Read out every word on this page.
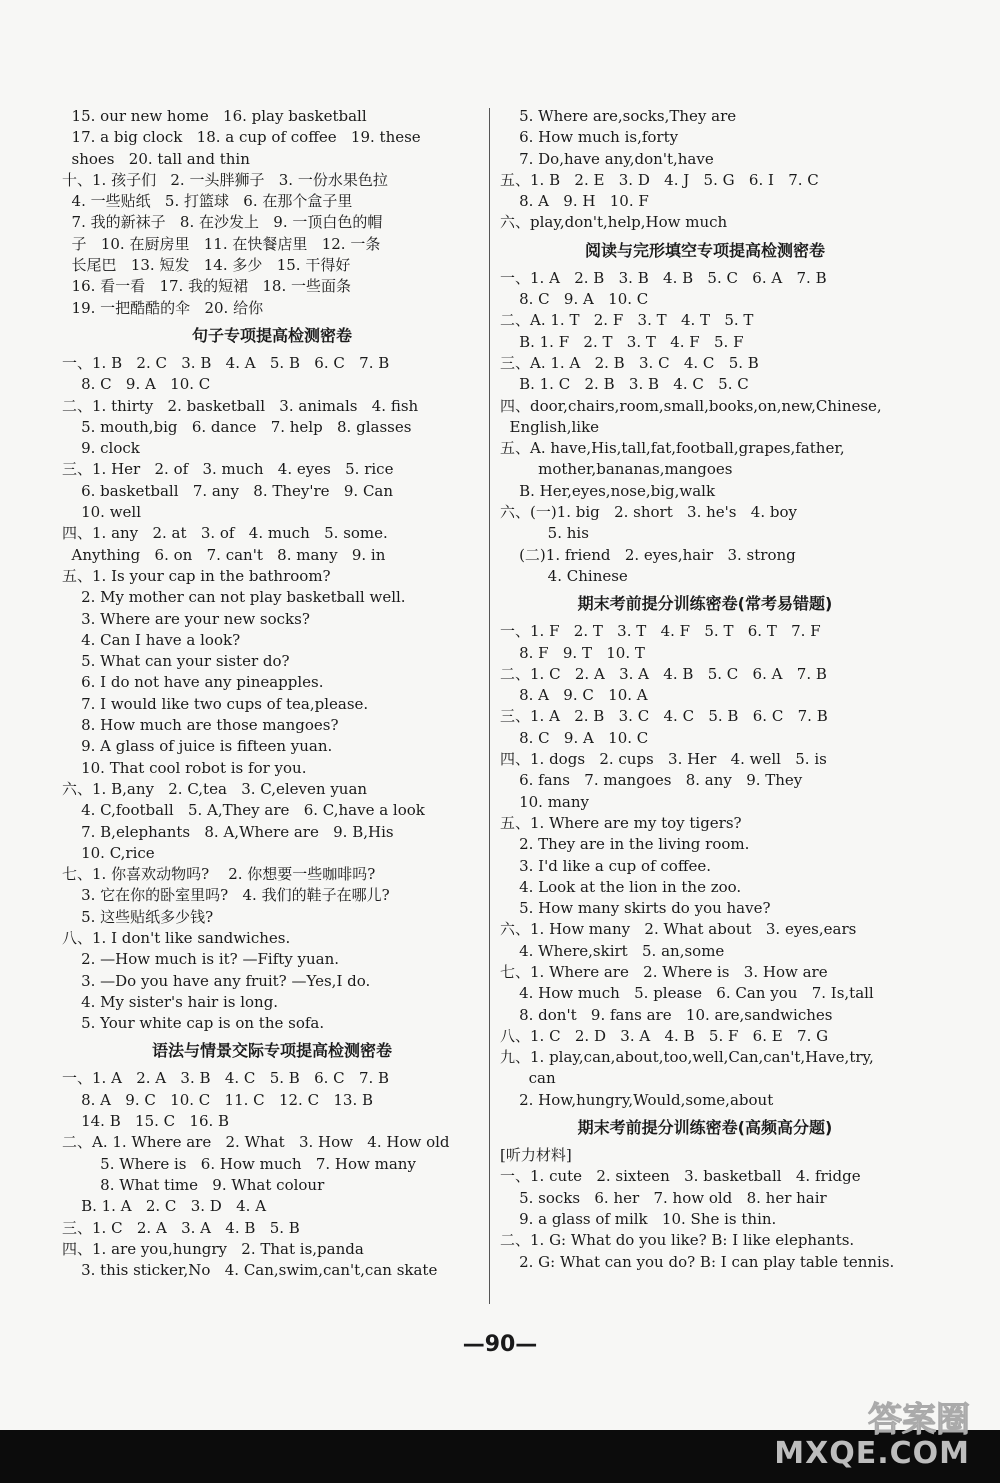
15. our new home   16. play basketball
17. a big clock   18. a cup of coffee   19. these
shoes   20. tall and thin
十、1. 孩子们   2. 一头胖狮子   3. 一份水果色拉
4. 一些贴纸   5. 打篮球   6. 在那个盒子里
7. 我的新袜子   8. 在沙发上   9. 一顶白色的帽
子   10. 在厨房里   11. 在快餐店里   12. 一条
长尾巴   13. 短发   14. 多少   15. 干得好
16. 看一看   17. 我的短裙   18. 一些面条
19. 一把酷酷的伞   20. 给你
句子专项提高检测密卷
一、1. B   2. C   3. B   4. A   5. B   6. C   7. B
8. C   9. A   10. C
二、1. thirty   2. basketball   3. animals   4. fish
5. mouth,big   6. dance   7. help   8. glasses
9. clock
三、1. Her   2. of   3. much   4. eyes   5. rice
6. basketball   7. any   8. They're   9. Can
10. well
四、1. any   2. at   3. of   4. much   5. some.
Anything   6. on   7. can't   8. many   9. in
五、1. Is your cap in the bathroom?
2. My mother can not play basketball well.
3. Where are your new socks?
4. Can I have a look?
5. What can your sister do?
6. I do not have any pineapples.
7. I would like two cups of tea,please.
8. How much are those mangoes?
9. A glass of juice is fifteen yuan.
10. That cool robot is for you.
六、1. B,any   2. C,tea   3. C,eleven yuan
4. C,football   5. A,They are   6. C,have a look
7. B,elephants   8. A,Where are   9. B,His
10. C,rice
七、1. 你喜欢动物吗?    2. 你想要一些咖啡吗?
3. 它在你的卧室里吗?   4. 我们的鞋子在哪儿?
5. 这些贴纸多少钱?
八、1. I don't like sandwiches.
2. —How much is it? —Fifty yuan.
3. —Do you have any fruit? —Yes,I do.
4. My sister's hair is long.
5. Your white cap is on the sofa.
语法与情景交际专项提高检测密卷
一、1. A   2. A   3. B   4. C   5. B   6. C   7. B
8. A   9. C   10. C   11. C   12. C   13. B
14. B   15. C   16. B
二、A. 1. Where are   2. What   3. How   4. How old
5. Where is   6. How much   7. How many
8. What time   9. What colour
B. 1. A   2. C   3. D   4. A
三、1. C   2. A   3. A   4. B   5. B
四、1. are you,hungry   2. That is,panda
3. this sticker,No   4. Can,swim,can't,can skate
5. Where are,socks,They are
6. How much is,forty
7. Do,have any,don't,have
五、1. B   2. E   3. D   4. J   5. G   6. I   7. C
8. A   9. H   10. F
六、play,don't,help,How much
阅读与完形填空专项提高检测密卷
一、1. A   2. B   3. B   4. B   5. C   6. A   7. B
8. C   9. A   10. C
二、A. 1. T   2. F   3. T   4. T   5. T
B. 1. F   2. T   3. T   4. F   5. F
三、A. 1. A   2. B   3. C   4. C   5. B
B. 1. C   2. B   3. B   4. C   5. C
四、door,chairs,room,small,books,on,new,Chinese,
English,like
五、A. have,His,tall,fat,football,grapes,father,
mother,bananas,mangoes
B. Her,eyes,nose,big,walk
六、(一)1. big   2. short   3. he's   4. boy
5. his
(二)1. friend   2. eyes,hair   3. strong
4. Chinese
期末考前提分训练密卷(常考易错题)
一、1. F   2. T   3. T   4. F   5. T   6. T   7. F
8. F   9. T   10. T
二、1. C   2. A   3. A   4. B   5. C   6. A   7. B
8. A   9. C   10. A
三、1. A   2. B   3. C   4. C   5. B   6. C   7. B
8. C   9. A   10. C
四、1. dogs   2. cups   3. Her   4. well   5. is
6. fans   7. mangoes   8. any   9. They
10. many
五、1. Where are my toy tigers?
2. They are in the living room.
3. I'd like a cup of coffee.
4. Look at the lion in the zoo.
5. How many skirts do you have?
六、1. How many   2. What about   3. eyes,ears
4. Where,skirt   5. an,some
七、1. Where are   2. Where is   3. How are
4. How much   5. please   6. Can you   7. Is,tall
8. don't   9. fans are   10. are,sandwiches
八、1. C   2. D   3. A   4. B   5. F   6. E   7. G
九、1. play,can,about,too,well,Can,can't,Have,try,
can
2. How,hungry,Would,some,about
期末考前提分训练密卷(高频高分题)
[听力材料]
一、1. cute   2. sixteen   3. basketball   4. fridge
5. socks   6. her   7. how old   8. her hair
9. a glass of milk   10. She is thin.
二、1. G: What do you like? B: I like elephants.
2. G: What can you do? B: I can play table tennis.
—90—
答案圈
MXQE.COM
